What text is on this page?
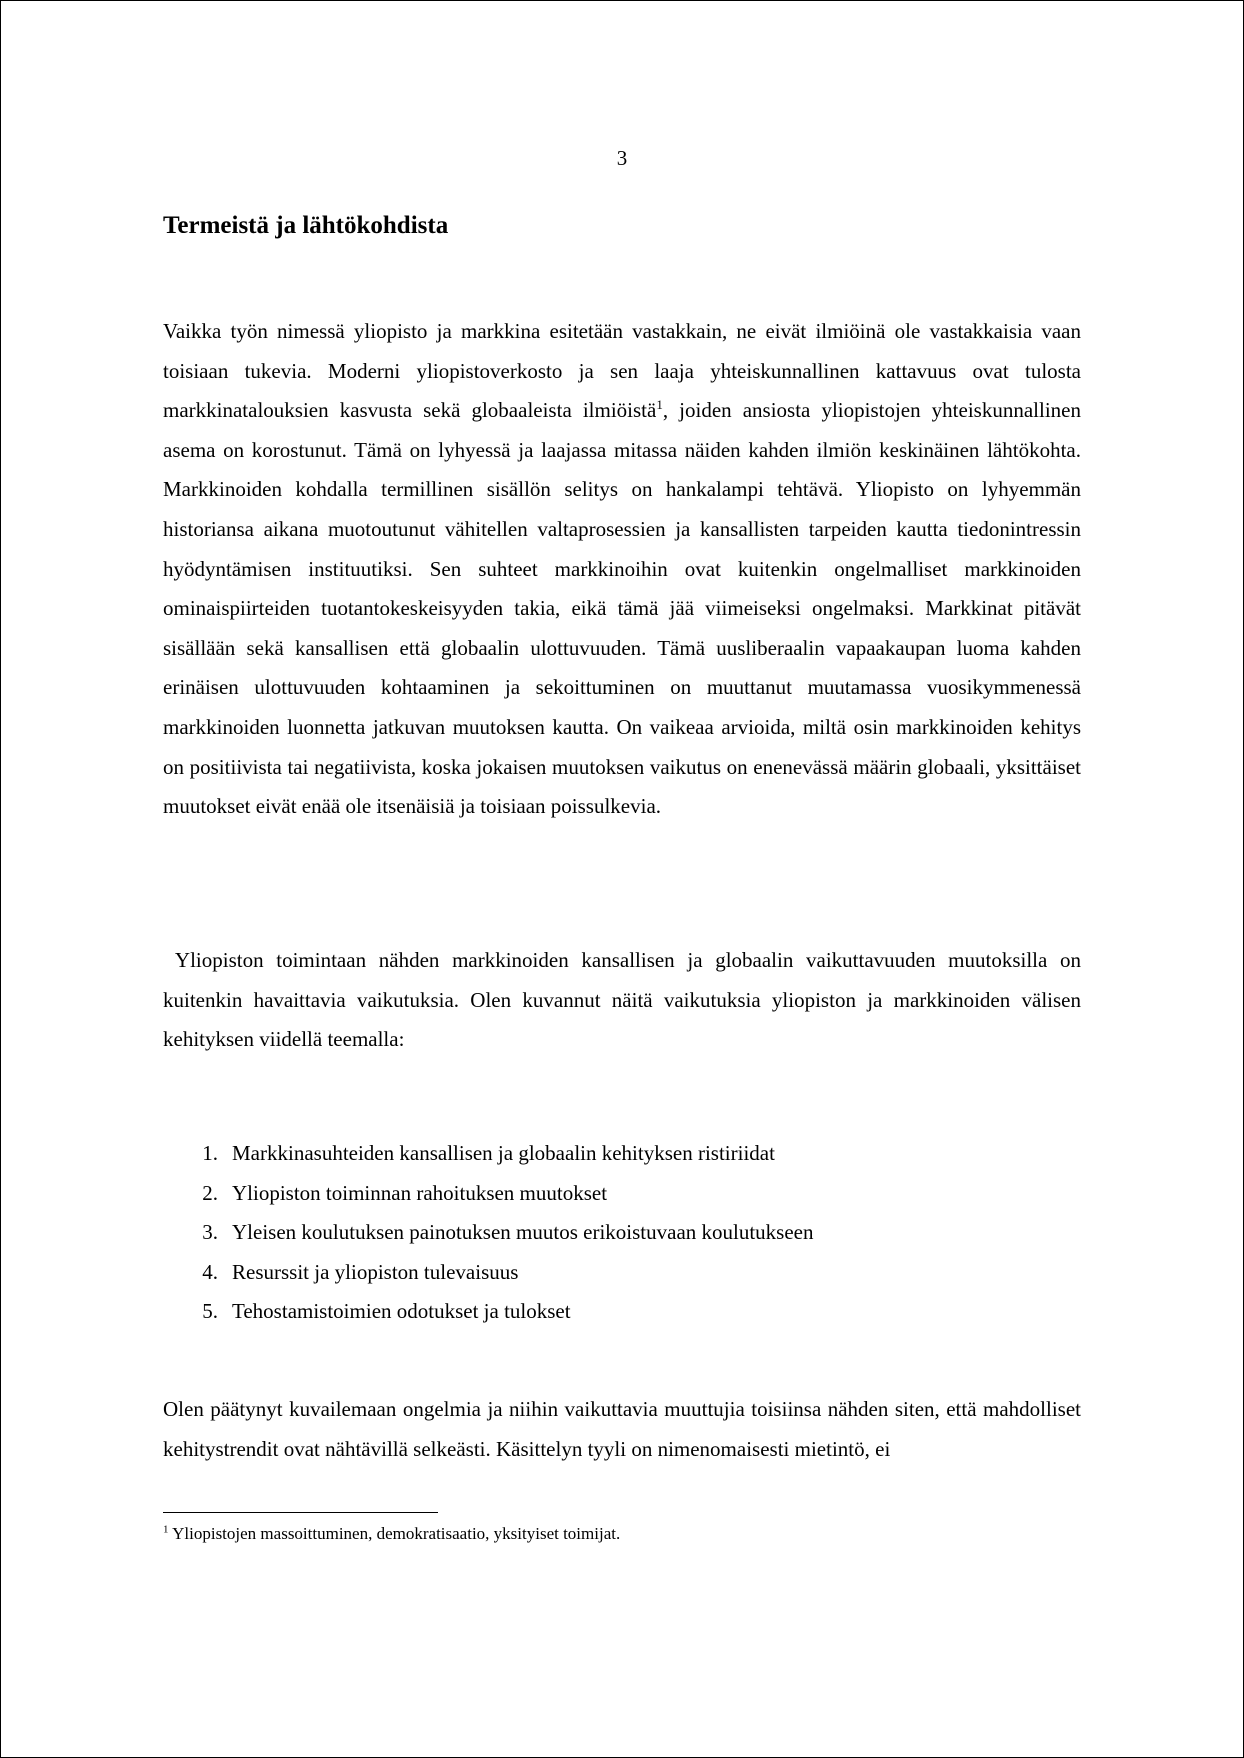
3
Termeistä ja lähtökohdista

Vaikka työn nimessä yliopisto ja markkina esitetään vastakkain, ne eivät ilmiöinä ole vastakkaisia vaan toisiaan tukevia. Moderni yliopistoverkosto ja sen laaja yhteiskunnallinen kattavuus ovat tulosta markkinatalouksien kasvusta sekä globaaleista ilmiöistä$^1$, joiden ansiosta yliopistojen yhteiskunnallinen asema on korostunut. Tämä on lyhyessä ja laajassa mitassa näiden kahden ilmiön keskinäinen lähtökohta. Markkinoiden kohdalla termillinen sisällön selitys on hankalampi tehtävä. Yliopisto on lyhyemmän historiansa aikana muotoutunut vähitellen valtaprosessien ja kansallisten tarpeiden kautta tiedonintressin hyödyntämisen instituutiksi. Sen suhteet markkinoihin ovat kuitenkin ongelmalliset markkinoiden ominaispiirteiden tuotantokeskeisyyden takia, eikä tämä jää viimeiseksi ongelmaksi. Markkinat pitävät sisällään sekä kansallisen että globaalin ulottuvuuden. Tämä uusliberaalin vapaakaupan luoma kahden erinäisen ulottuvuuden kohtaaminen ja sekoittuminen on muuttanut muutamassa vuosikymmenessä markkinoiden luonnetta jatkuvan muutoksen kautta. On vaikeaa arvioida, miltä osin markkinoiden kehitys on positiivista tai negatiivista, koska jokaisen muutoksen vaikutus on enenevässä määrin globaali, yksittäiset muutokset eivät enää ole itsenäisiä ja toisiaan poissulkevia.

Yliopiston toimintaan nähden markkinoiden kansallisen ja globaalin vaikuttavuuden muutoksilla on kuitenkin havaittavia vaikutuksia. Olen kuvannut näitä vaikutuksia yliopiston ja markkinoiden välisen kehityksen viidellä teemalla:

1. Markkinasuhteiden kansallisen ja globaalin kehityksen ristiriidat
2. Yliopiston toiminnan rahoituksen muutokset
3. Yleisen koulutuksen painotuksen muutos erikoistuvaan koulutukseen
4. Resurssit ja yliopiston tulevaisuus
5. Tehostamistoimien odotukset ja tulokset

Olen päätynyt kuvailemaan ongelmia ja niihin vaikuttavia muuttujia toisiinsa nähden siten, että mahdolliset kehitystrendit ovat nähtävillä selkeästi. Käsittelyn tyyli on nimenomaisesti mietintö, ei

$^1$ Yliopistojen massoittuminen, demokratisaatio, yksityiset toimijat.
